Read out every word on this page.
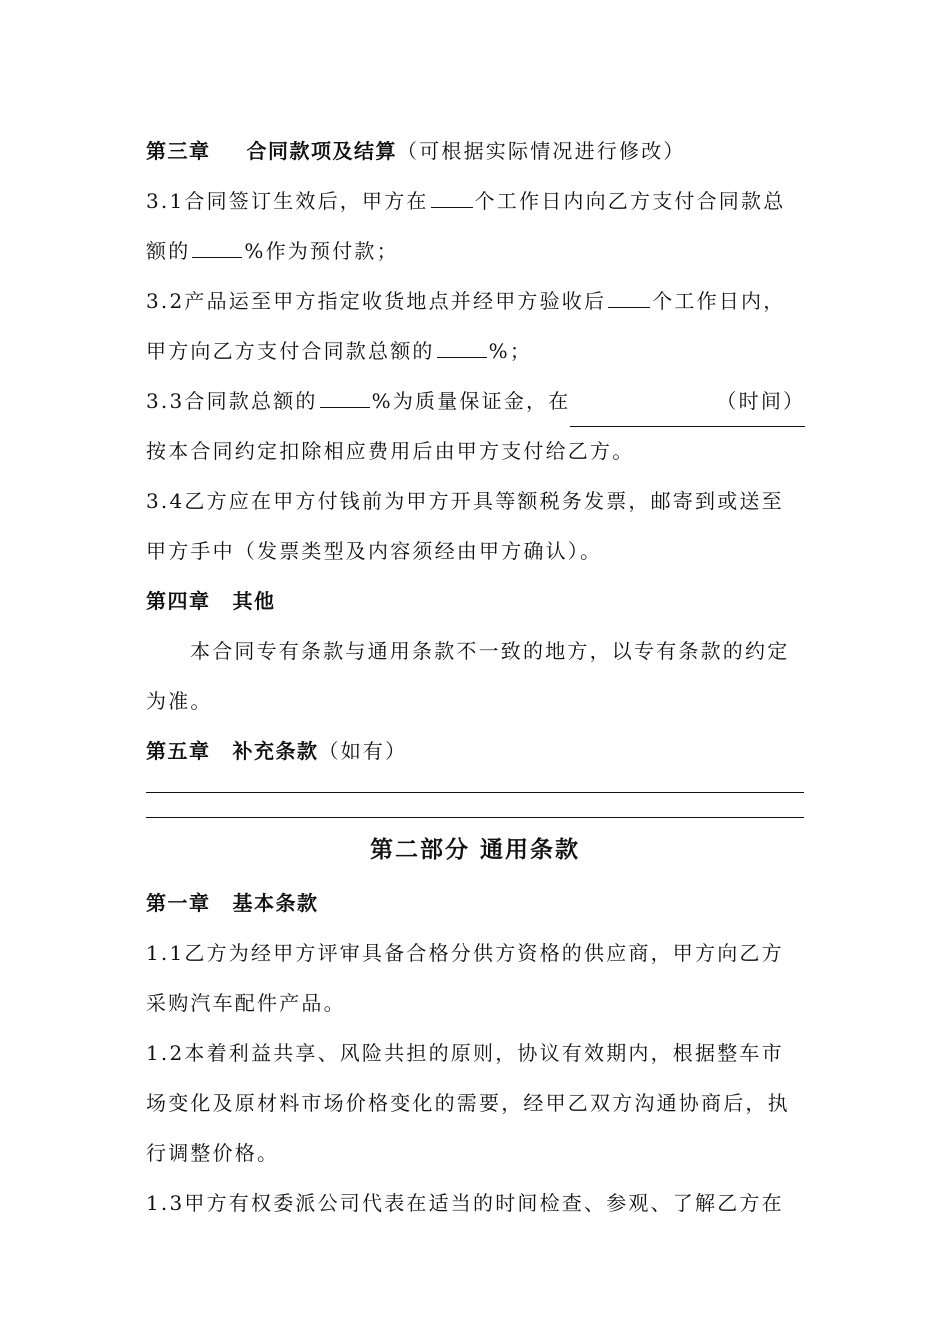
第三章 合同款项及结算（可根据实际情况进行修改）
3.1合同签订生效后，甲方在 个工作日内向乙方支付合同款总
额的	%作为预付款；
3.2产品运至甲方指定收货地点并经甲方验收后 个工作日内，
甲方向乙方支付合同款总额的	%；
3.3合同款总额的	%为质量保证金，在	（时间）
按本合同约定扣除相应费用后由甲方支付给乙方。
3.4乙方应在甲方付钱前为甲方开具等额税务发票，邮寄到或送至
甲方手中（发票类型及内容须经由甲方确认）。
第四章 其他
本合同专有条款与通用条款不一致的地方，以专有条款的约定
为准。
第五章 补充条款（如有）
第二部分 通用条款
第一章 基本条款
1.1乙方为经甲方评审具备合格分供方资格的供应商，甲方向乙方
采购汽车配件产品。
1.2本着利益共享、风险共担的原则，协议有效期内，根据整车市
场变化及原材料市场价格变化的需要，经甲乙双方沟通协商后，执
行调整价格。
1.3甲方有权委派公司代表在适当的时间检查、参观、了解乙方在
